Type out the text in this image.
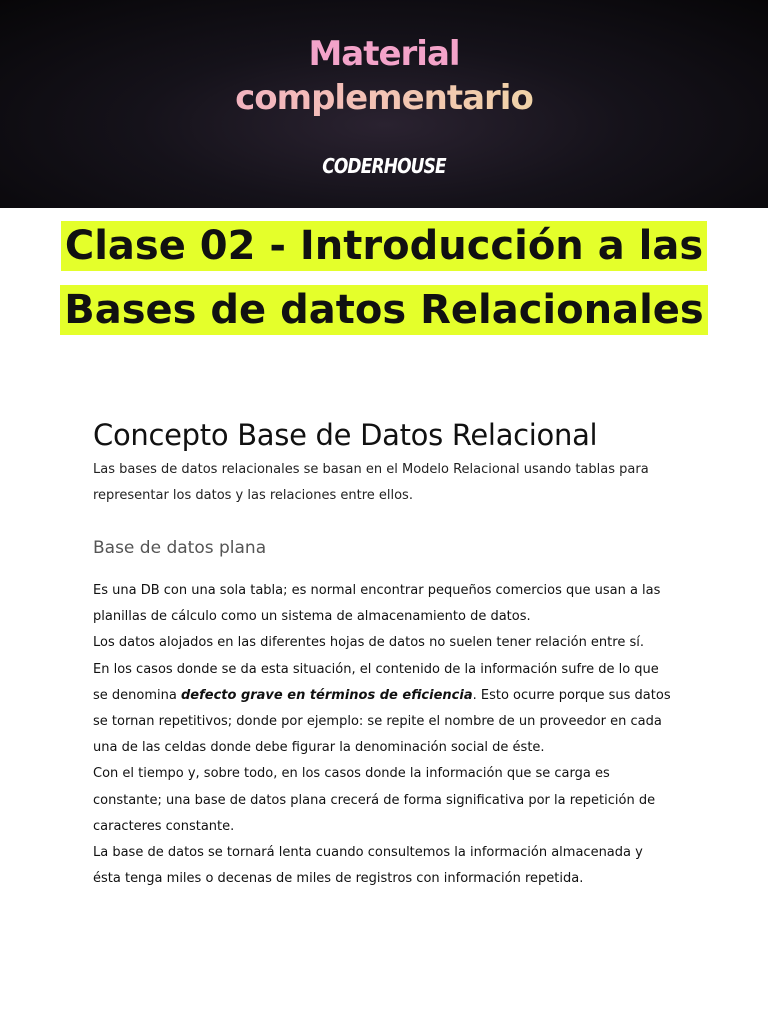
Material
complementario
CODERHOUSE
Clase 02 - Introducción a las Bases de datos Relacionales
Concepto Base de Datos Relacional
Las bases de datos relacionales se basan en el Modelo Relacional usando tablas para representar los datos y las relaciones entre ellos.
Base de datos plana

Es una DB con una sola tabla; es normal encontrar pequeños comercios que usan a las planillas de cálculo como un sistema de almacenamiento de datos.

Los datos alojados en las diferentes hojas de datos no suelen tener relación entre sí.

En los casos donde se da esta situación, el contenido de la información sufre de lo que se denomina defecto grave en términos de eficiencia. Esto ocurre porque sus datos se tornan repetitivos; donde por ejemplo: se repite el nombre de un proveedor en cada una de las celdas donde debe figurar la denominación social de éste.

Con el tiempo y, sobre todo, en los casos donde la información que se carga es constante; una base de datos plana crecerá de forma significativa por la repetición de caracteres constante.

La base de datos se tornará lenta cuando consultemos la información almacenada y ésta tenga miles o decenas de miles de registros con información repetida.
